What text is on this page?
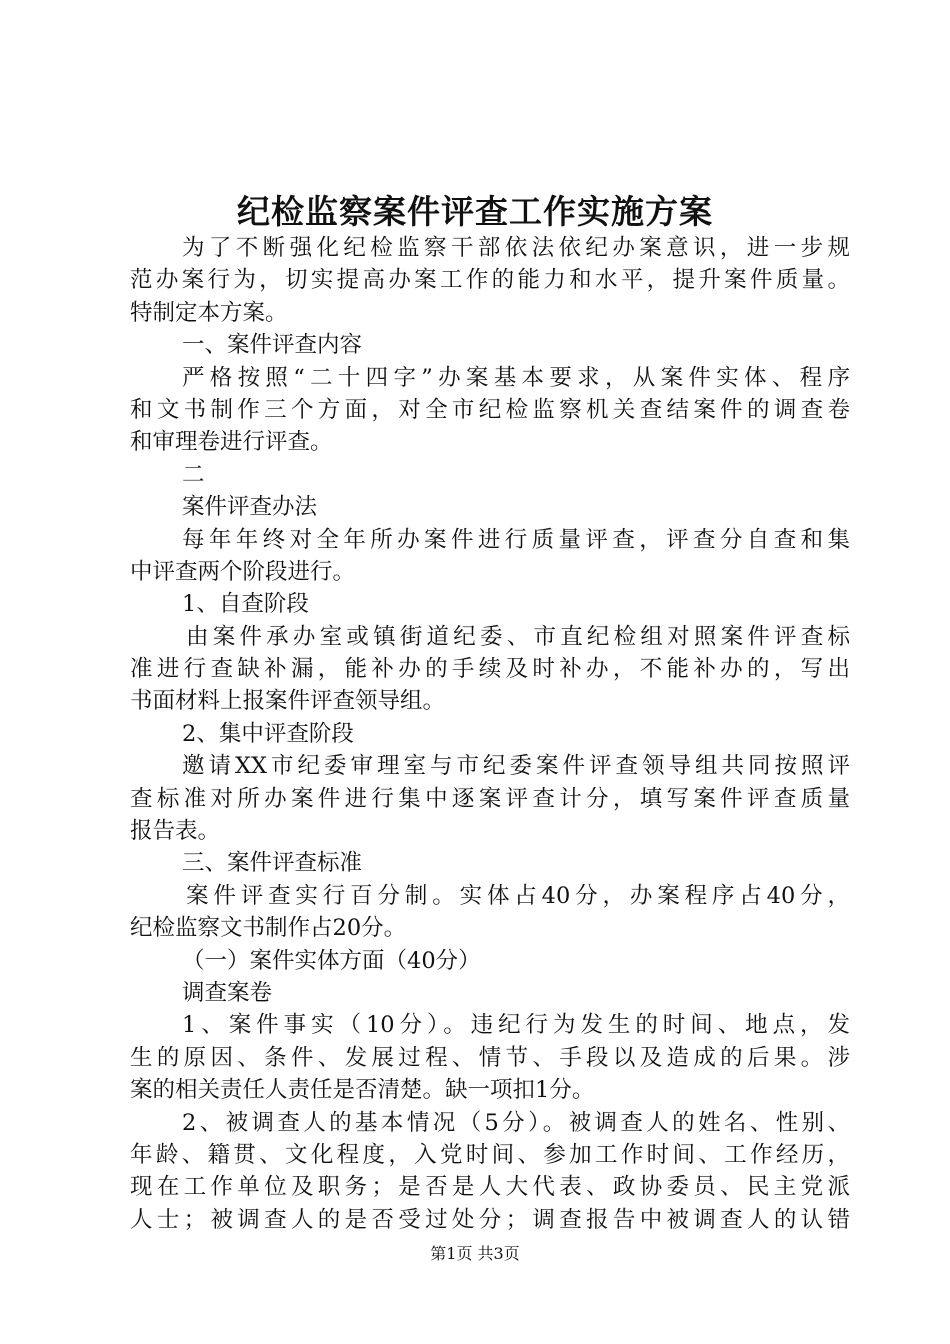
纪检监察案件评查工作实施方案
为了不断强化纪检监察干部依法依纪办案意识，进一步规
范办案行为，切实提高办案工作的能力和水平，提升案件质量。
特制定本方案。
一、案件评查内容
严格按照“二十四字”办案基本要求，从案件实体、程序
和文书制作三个方面，对全市纪检监察机关查结案件的调查卷
和审理卷进行评查。
二
案件评查办法
每年年终对全年所办案件进行质量评查，评查分自查和集
中评查两个阶段进行。
1、自查阶段
由案件承办室或镇街道纪委、市直纪检组对照案件评查标
准进行查缺补漏，能补办的手续及时补办，不能补办的，写出
书面材料上报案件评查领导组。
2、集中评查阶段
邀请XX市纪委审理室与市纪委案件评查领导组共同按照评
查标准对所办案件进行集中逐案评查计分，填写案件评查质量
报告表。
三、案件评查标准
案件评查实行百分制。实体占40分，办案程序占40分，
纪检监察文书制作占20分。
（一）案件实体方面（40分）
调查案卷
1、案件事实（10分）。违纪行为发生的时间、地点，发
生的原因、条件、发展过程、情节、手段以及造成的后果。涉
案的相关责任人责任是否清楚。缺一项扣1分。
2、被调查人的基本情况（5分）。被调查人的姓名、性别、
年龄、籍贯、文化程度，入党时间、参加工作时间、工作经历，
现在工作单位及职务；是否是人大代表、政协委员、民主党派
人士；被调查人的是否受过处分；调查报告中被调查人的认错
第1页 共3页
